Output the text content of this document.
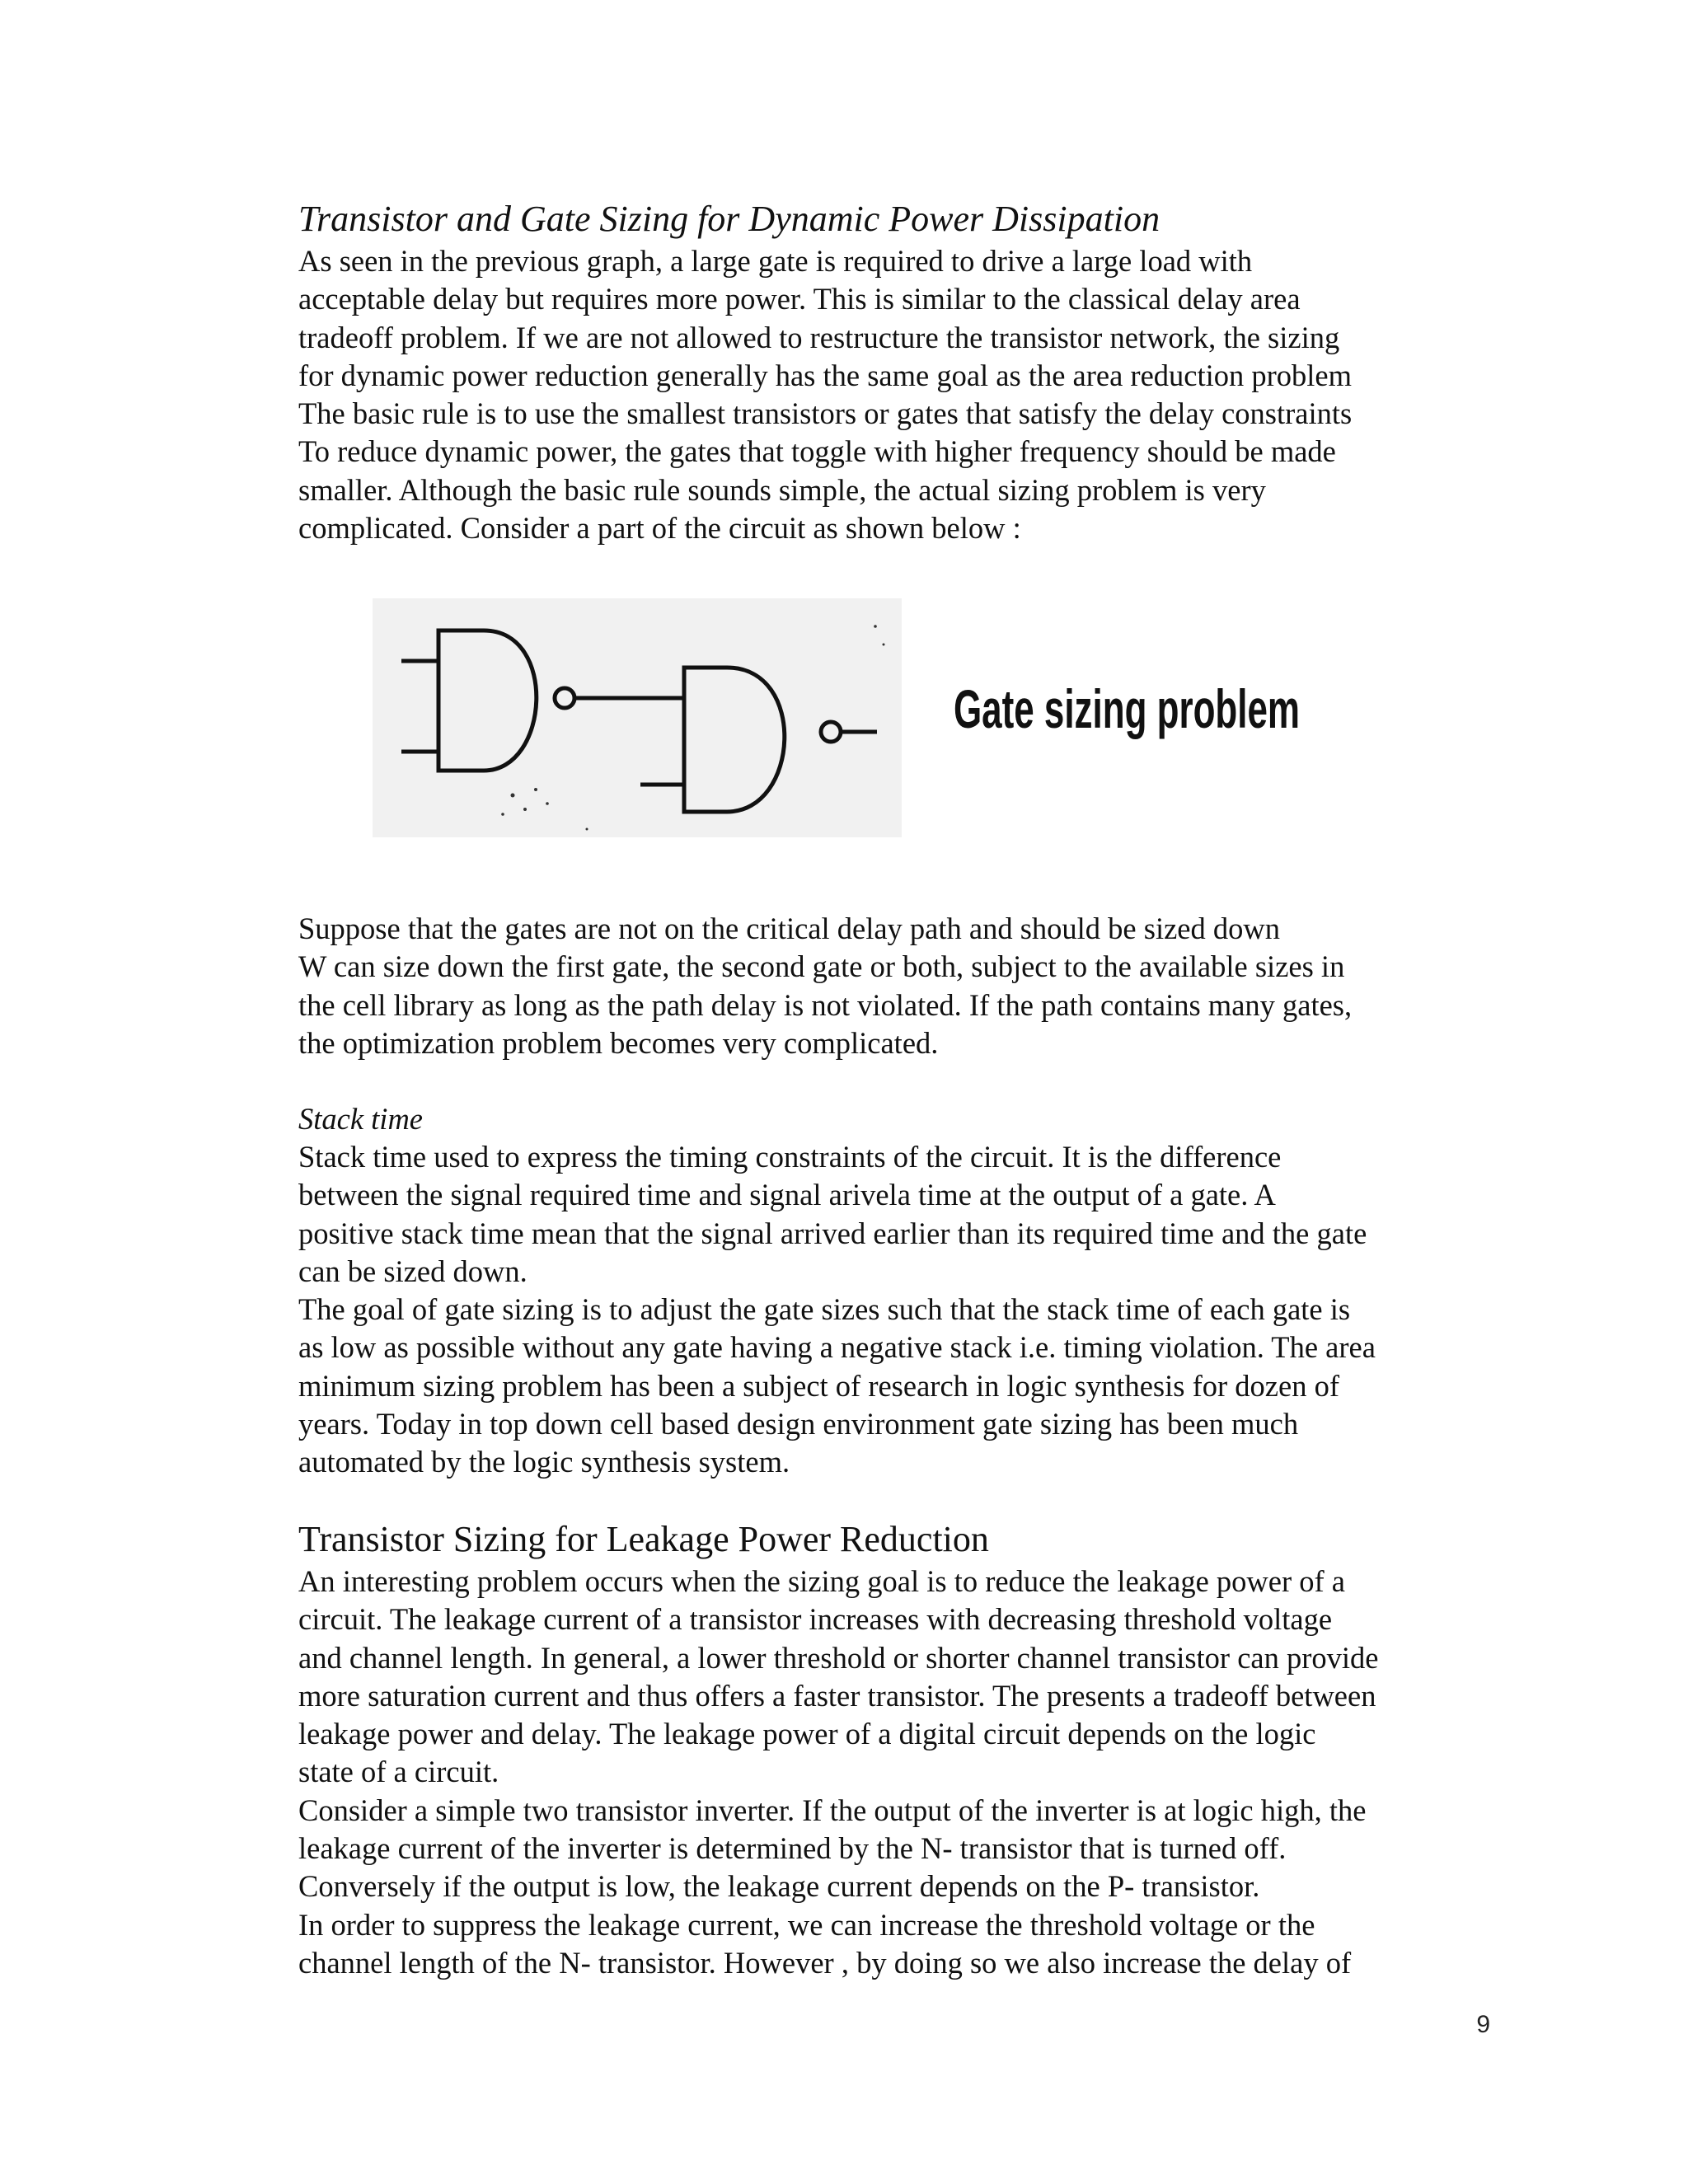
Transistor and Gate Sizing for Dynamic Power Dissipation

As seen in the previous graph, a large gate is required to drive a large load with
acceptable delay but requires more power. This is similar to the classical delay area
tradeoff problem. If we are not allowed to restructure the transistor network, the sizing
for dynamic power reduction generally has the same goal as the area reduction problem
The basic rule is to use the smallest transistors or gates that satisfy the delay constraints
To reduce dynamic power, the gates that toggle with higher frequency should be made
smaller. Although the basic rule sounds simple, the actual sizing problem is very
complicated. Consider a part of the circuit as shown below :

Gate sizing problem

Suppose that the gates are not on the critical delay path and should be sized down
W can size down the first gate, the second gate or both, subject to the available sizes in
the cell library as long as the path delay is not violated. If the path contains many gates,
the optimization problem becomes very complicated.

Stack time

Stack time used to express the timing constraints of the circuit. It is the difference
between the signal required time and signal arivela time at the output of a gate. A
positive stack time mean that the signal arrived earlier than its required time and the gate
can be sized down.
The goal of gate sizing is to adjust the gate sizes such that the stack time of each gate is
as low as possible without any gate having a negative stack i.e. timing violation. The area
minimum sizing problem has been a subject of research in logic synthesis for dozen of
years. Today in top down cell based design environment gate sizing has been much
automated by the logic synthesis system.

Transistor Sizing for Leakage Power Reduction

An interesting problem occurs when the sizing goal is to reduce the leakage power of a
circuit. The leakage current of a transistor increases with decreasing threshold voltage
and channel length. In general, a lower threshold or shorter channel transistor can provide
more saturation current and thus offers a faster transistor. The presents a tradeoff between
leakage power and delay. The leakage power of a digital circuit depends on the logic
state of a circuit.
Consider a simple two transistor inverter. If the output of the inverter is at logic high, the
leakage current of the inverter is determined by the N- transistor that is turned off.
Conversely if the output is low, the leakage current depends on the P- transistor.
In order to suppress the leakage current, we can increase the threshold voltage or the
channel length of the N- transistor. However , by doing so we also increase the delay of

9
